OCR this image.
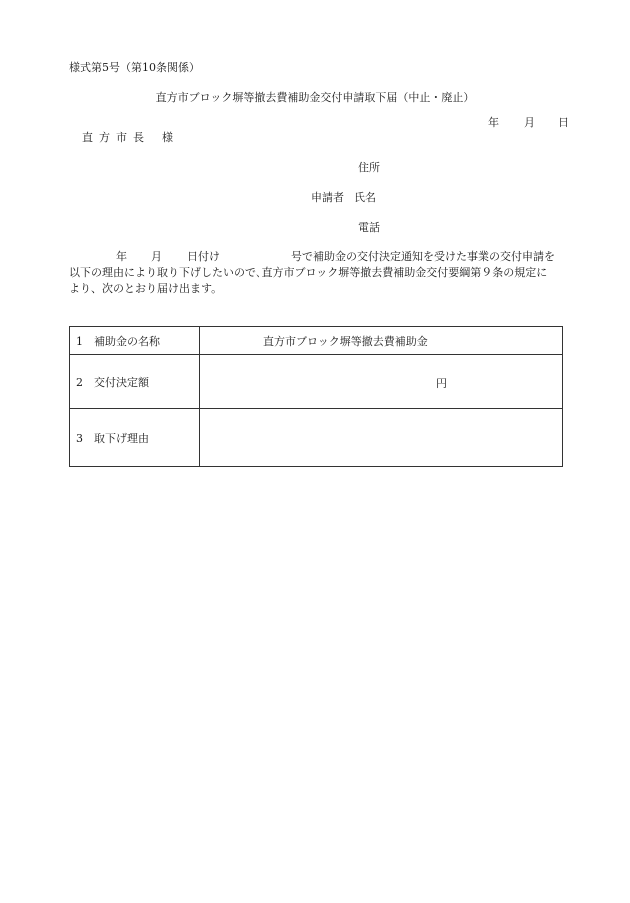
様式第5号（第10条関係）
直方市ブロック塀等撤去費補助金交付申請取下届（中止・廃止）
年 月 日
直方市長 様
住所
申請者 氏名
電話
年 月 日付け	号で補助金の交付決定通知を受けた事業の交付申請を
以下の理由により取り下げしたいので､直方市ブロック塀等撤去費補助金交付要綱第９条の規定に
より、次のとおり届け出ます。
1　補助金の名称	直方市ブロック塀等撤去費補助金
2　交付決定額	円

3　取下げ理由	
